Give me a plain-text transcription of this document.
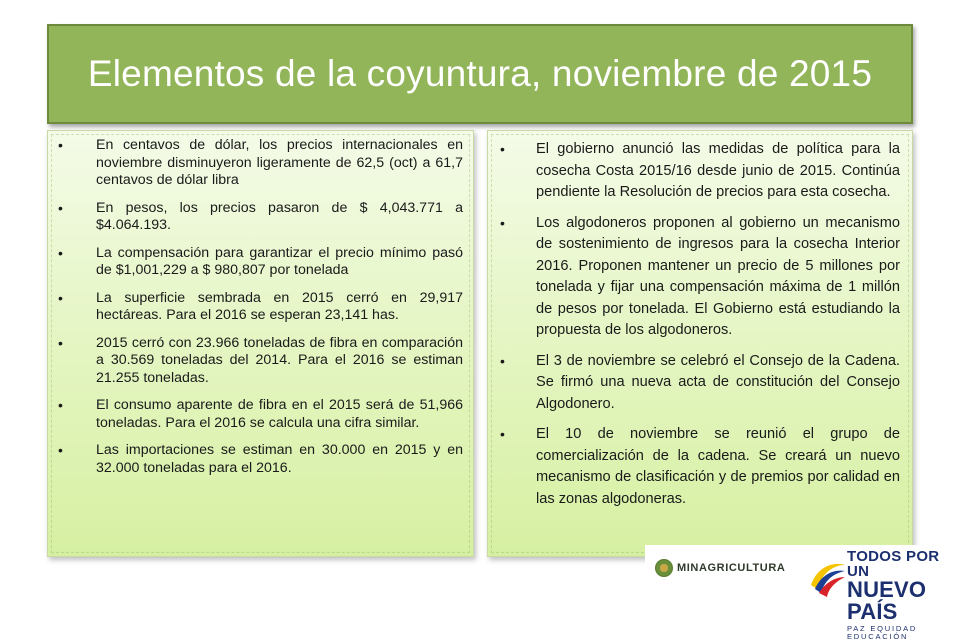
Elementos de la coyuntura, noviembre de 2015
• En centavos de dólar, los precios internacionales en noviembre disminuyeron ligeramente de 62,5 (oct) a 61,7 centavos de dólar libra
• En pesos, los precios pasaron de $ 4,043.771 a $4.064.193.
• La compensación para garantizar el precio mínimo pasó de $1,001,229 a $ 980,807 por tonelada
• La superficie sembrada en 2015 cerró en 29,917 hectáreas. Para el 2016 se esperan 23,141 has.
• 2015 cerró con 23.966 toneladas de fibra en comparación a 30.569 toneladas del 2014. Para el 2016 se estiman 21.255 toneladas.
• El consumo aparente de fibra en el 2015 será de 51,966 toneladas. Para el 2016 se calcula una cifra similar.
• Las importaciones se estiman en 30.000 en 2015 y en 32.000 toneladas para el 2016.
• El gobierno anunció las medidas de política para la cosecha Costa 2015/16 desde junio de 2015. Continúa pendiente la Resolución de precios para esta cosecha.
• Los algodoneros proponen al gobierno un mecanismo de sostenimiento de ingresos para la cosecha Interior 2016. Proponen mantener un precio de 5 millones por tonelada y fijar una compensación máxima de 1 millón de pesos por tonelada. El Gobierno está estudiando la propuesta de los algodoneros.
• El 3 de noviembre se celebró el Consejo de la Cadena. Se firmó una nueva acta de constitución del Consejo Algodonero.
• El 10 de noviembre se reunió el grupo de comercialización de la cadena. Se creará un nuevo mecanismo de clasificación y de premios por calidad en las zonas algodoneras.
MINAGRICULTURA
TODOS POR UN
NUEVO PAÍS
PAZ EQUIDAD EDUCACIÓN
